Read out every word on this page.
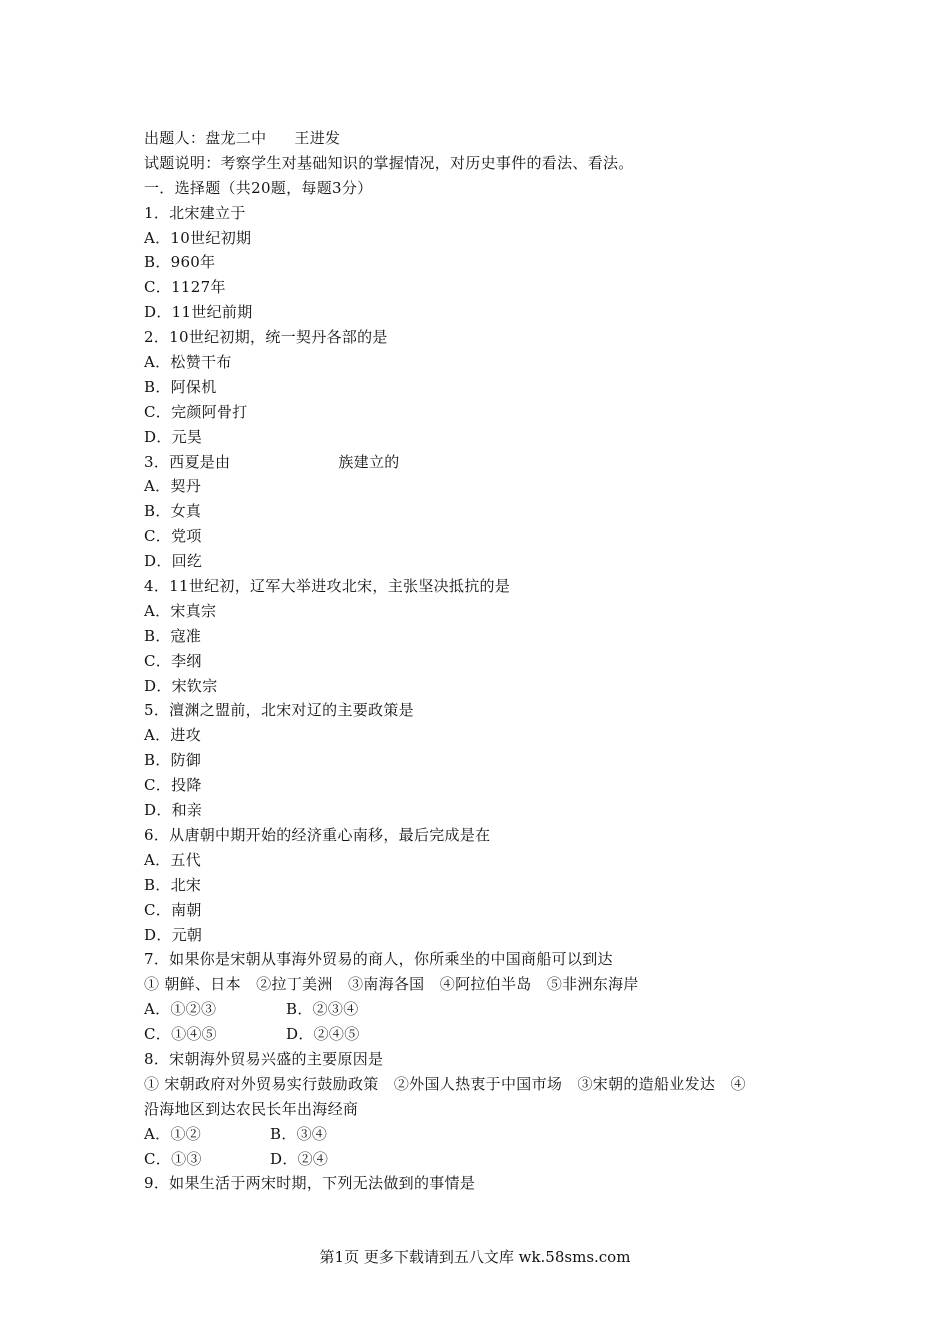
出题人：盘龙二中 王进发
试题说明：考察学生对基础知识的掌握情况，对历史事件的看法、看法。
一．选择题（共20题，每题3分）
1．北宋建立于
A．10世纪初期
B．960年
C．1127年
D．11世纪前期
2．10世纪初期，统一契丹各部的是
A．松赞干布
B．阿保机
C．完颜阿骨打
D．元昊
3．西夏是由	族建立的
A．契丹
B．女真
C．党项
D．回纥
4．11世纪初，辽军大举进攻北宋，主张坚决抵抗的是
A．宋真宗
B．寇准
C．李纲
D．宋钦宗
5．澶渊之盟前，北宋对辽的主要政策是
A．进攻
B．防御
C．投降
D．和亲
6．从唐朝中期开始的经济重心南移，最后完成是在
A．五代
B．北宋
C．南朝
D．元朝
7．如果你是宋朝从事海外贸易的商人，你所乘坐的中国商船可以到达
① 朝鲜、日本　②拉丁美洲　③南海各国　④阿拉伯半岛　⑤非洲东海岸
A．①②③	B．②③④
C．①④⑤	D．②④⑤
8．宋朝海外贸易兴盛的主要原因是
① 宋朝政府对外贸易实行鼓励政策　②外国人热衷于中国市场　③宋朝的造船业发达　④
沿海地区到达农民长年出海经商
A．①②	B．③④
C．①③	D．②④
9．如果生活于两宋时期，下列无法做到的事情是
第1页 更多下载请到五八文库 wk.58sms.com
